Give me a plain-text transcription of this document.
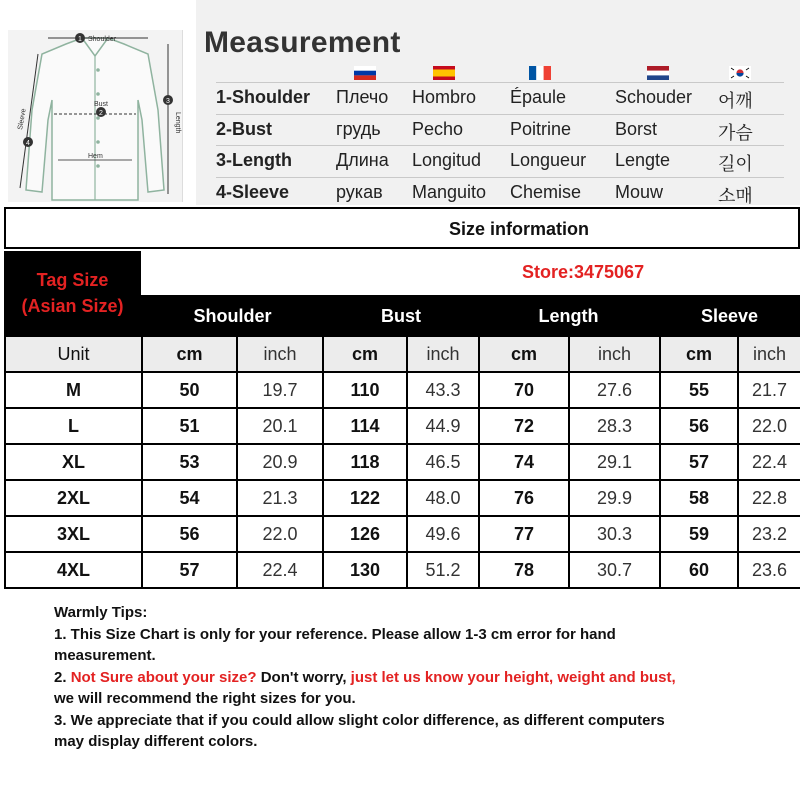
1
2
3
4
Shoulder
Bust
Hem
Length
Sleeve
Measurement
1-Shoulder Плечо Hombro Épaule	Schouder 어깨
2-Bust	грудь Pecho	Poitrine Borst	가슴
3-Length Длина Longitud Longueur Lengte	길이
4-Sleeve	рукав Manguito Chemise Mouw	소매
Size information
Tag Size
(Asian Size)
Store:3475067
Shoulder	Bust	Length	Sleeve
Unit	cm	inch	cm	inch	cm	inch	cm	inch
M	50	19.7	110	43.3	70	27.6	55	21.7
L	51	20.1	114	44.9	72	28.3	56	22.0
XL	53	20.9	118	46.5	74	29.1	57	22.4
2XL	54	21.3	122	48.0	76	29.9	58	22.8
3XL	56	22.0	126	49.6	77	30.3	59	23.2
4XL	57	22.4	130	51.2	78	30.7	60	23.6

Warmly Tips:

1. This Size Chart is only for your reference. Please allow 1-3 cm error for hand measurement.

2. Not Sure about your size? Don't worry, just let us know your height, weight and bust, we will recommend the right sizes for you.

3. We appreciate that if you could allow slight color difference, as different computers may display different colors.
